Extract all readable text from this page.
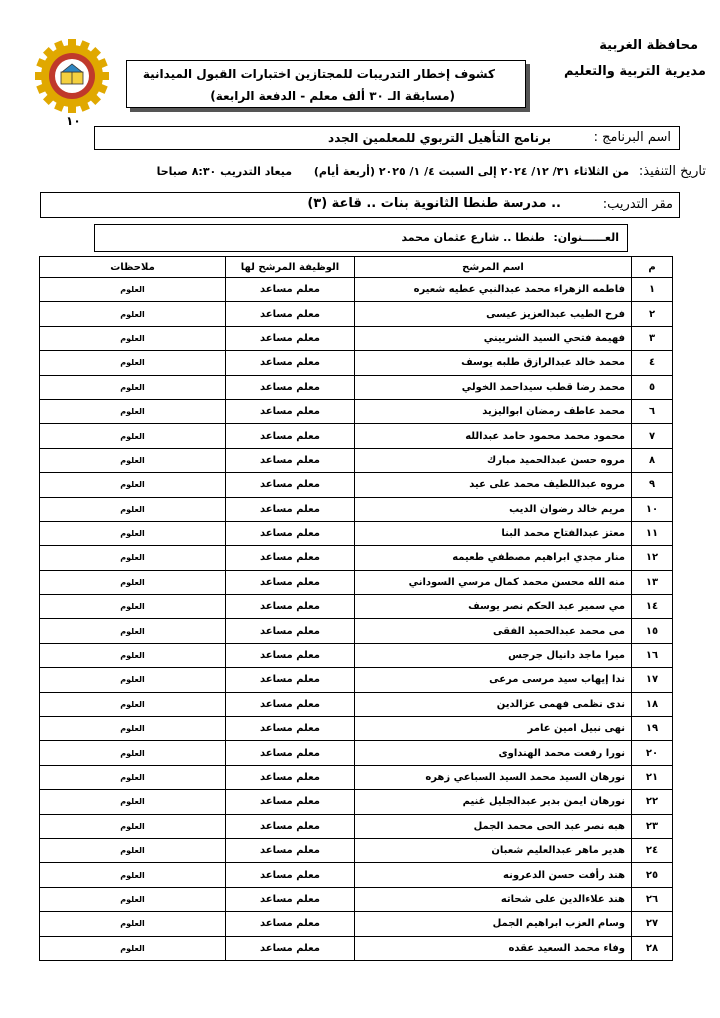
محافظة الغربية
مديرية التربية والتعليم
كشوف إخطار التدريبات للمجتازين اختبارات القبول الميدانية
(مسابقة الـ ٣٠ ألف معلم - الدفعة الرابعة)
١٠
اسم البرنامج :
برنامج التأهيل التربوي للمعلمين الجدد
تاريخ التنفيذ: من الثلاثاء ٣١/ ١٢/ ٢٠٢٤ إلى السبت ٤/ ١/ ٢٠٢٥ (أربعة أيام) ميعاد التدريب ٨:٣٠ صباحا
مقر التدريب:
.. مدرسة طنطا الثانوية بنات .. قاعة (٣)
العــــــنوان:
طنطا .. شارع عثمان محمد
م	اسم المرشح	الوظيفة المرشح لها	ملاحظات
١	فاطمه الزهراء محمد عبدالنبي عطيه شعيره	معلم مساعد	العلوم
٢	فرح الطيب عبدالعزيز عيسى	معلم مساعد	العلوم
٣	فهيمة فتحي السيد الشربيني	معلم مساعد	العلوم
٤	محمد خالد عبدالرازق طلبه يوسف	معلم مساعد	العلوم
٥	محمد رضا قطب سيداحمد الخولي	معلم مساعد	العلوم
٦	محمد عاطف رمضان ابواليزيد	معلم مساعد	العلوم
٧	محمود محمد محمود حامد عبدالله	معلم مساعد	العلوم
٨	مروه حسن عبدالحميد مبارك	معلم مساعد	العلوم
٩	مروه عبداللطيف محمد على عيد	معلم مساعد	العلوم
١٠	مريم خالد رضوان الديب	معلم مساعد	العلوم
١١	معتز عبدالفتاح محمد البنا	معلم مساعد	العلوم
١٢	منار مجدي ابراهيم مصطفي طعيمه	معلم مساعد	العلوم
١٣	منه الله محسن محمد كمال مرسي السوداني	معلم مساعد	العلوم
١٤	مي سمير عبد الحكم نصر يوسف	معلم مساعد	العلوم
١٥	مى محمد عبدالحميد الفقى	معلم مساعد	العلوم
١٦	ميرا ماجد دانيال جرجس	معلم مساعد	العلوم
١٧	ندا إيهاب سيد مرسى مرعى	معلم مساعد	العلوم
١٨	ندى نظمى فهمى عزالدين	معلم مساعد	العلوم
١٩	نهى نبيل امين عامر	معلم مساعد	العلوم
٢٠	نورا رفعت محمد الهنداوى	معلم مساعد	العلوم
٢١	نورهان السيد محمد السيد السباعي زهره	معلم مساعد	العلوم
٢٢	نورهان ايمن بدير عبدالجليل غنيم	معلم مساعد	العلوم
٢٣	هبه نصر عبد الحى محمد الجمل	معلم مساعد	العلوم
٢٤	هدير ماهر عبدالعليم شعبان	معلم مساعد	العلوم
٢٥	هند رأفت حسن الدعرونه	معلم مساعد	العلوم
٢٦	هند علاءالدين على شحاته	معلم مساعد	العلوم
٢٧	وسام العزب ابراهيم الجمل	معلم مساعد	العلوم
٢٨	وفاء محمد السعيد عقده	معلم مساعد	العلوم
